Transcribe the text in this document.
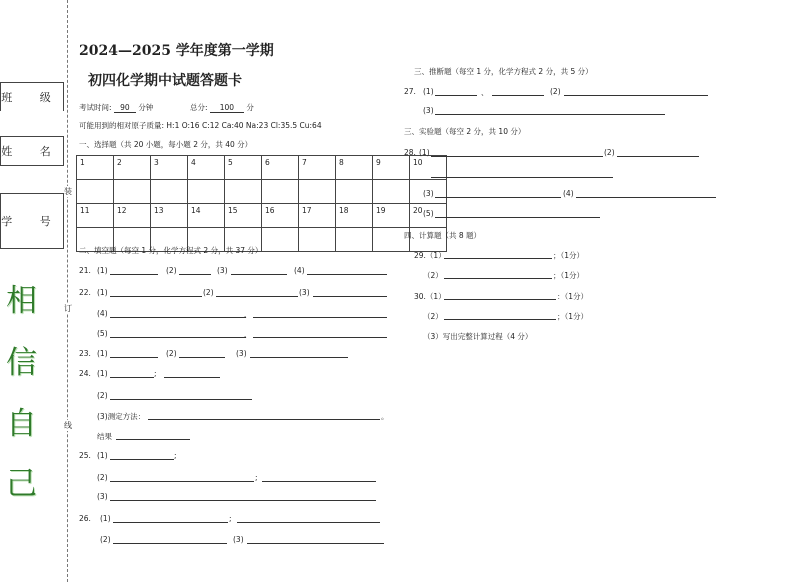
班 级
姓 名
学 号
相
信
自
己
装
订
线
2024—2025 学年度第一学期
初四化学期中试题答题卡
考试时间: 90 分钟	总分: 100 分
可能用到的相对原子质量: H:1 O:16 C:12 Ca:40 Na:23 Cl:35.5 Cu:64
一、选择题（共 20 小题，每小题 2 分，共 40 分）
1	2	3	4	5	6	7	8	9	10

11	12	13	14	15	16	17	18	19	20

二、填空题（每空 1 分，化学方程式 2 分，共 37 分）
21. (1)	(2)	(3)	(4)
22. (1)	(2)	(3)
(4)	、
(5)	、
23. (1)	(2)	(3)
24. (1)	;
(2)
(3)测定方法：	。
结果
25. (1)	;
(2)	;
(3)
26. (1)	;
(2)	(3)
三、推断题（每空 1 分，化学方程式 2 分，共 5 分）
27. (1)	、	(2)
(3)
三、实验题（每空 2 分，共 10 分）
28. (1)	(2)
(3)	(4)
(5)
四、计算题（共 8 题）
29.（1）	；（1分）
（2）	；（1分）
30.（1）	：（1分）
（2）	；（1分）
（3）写出完整计算过程（4 分）
